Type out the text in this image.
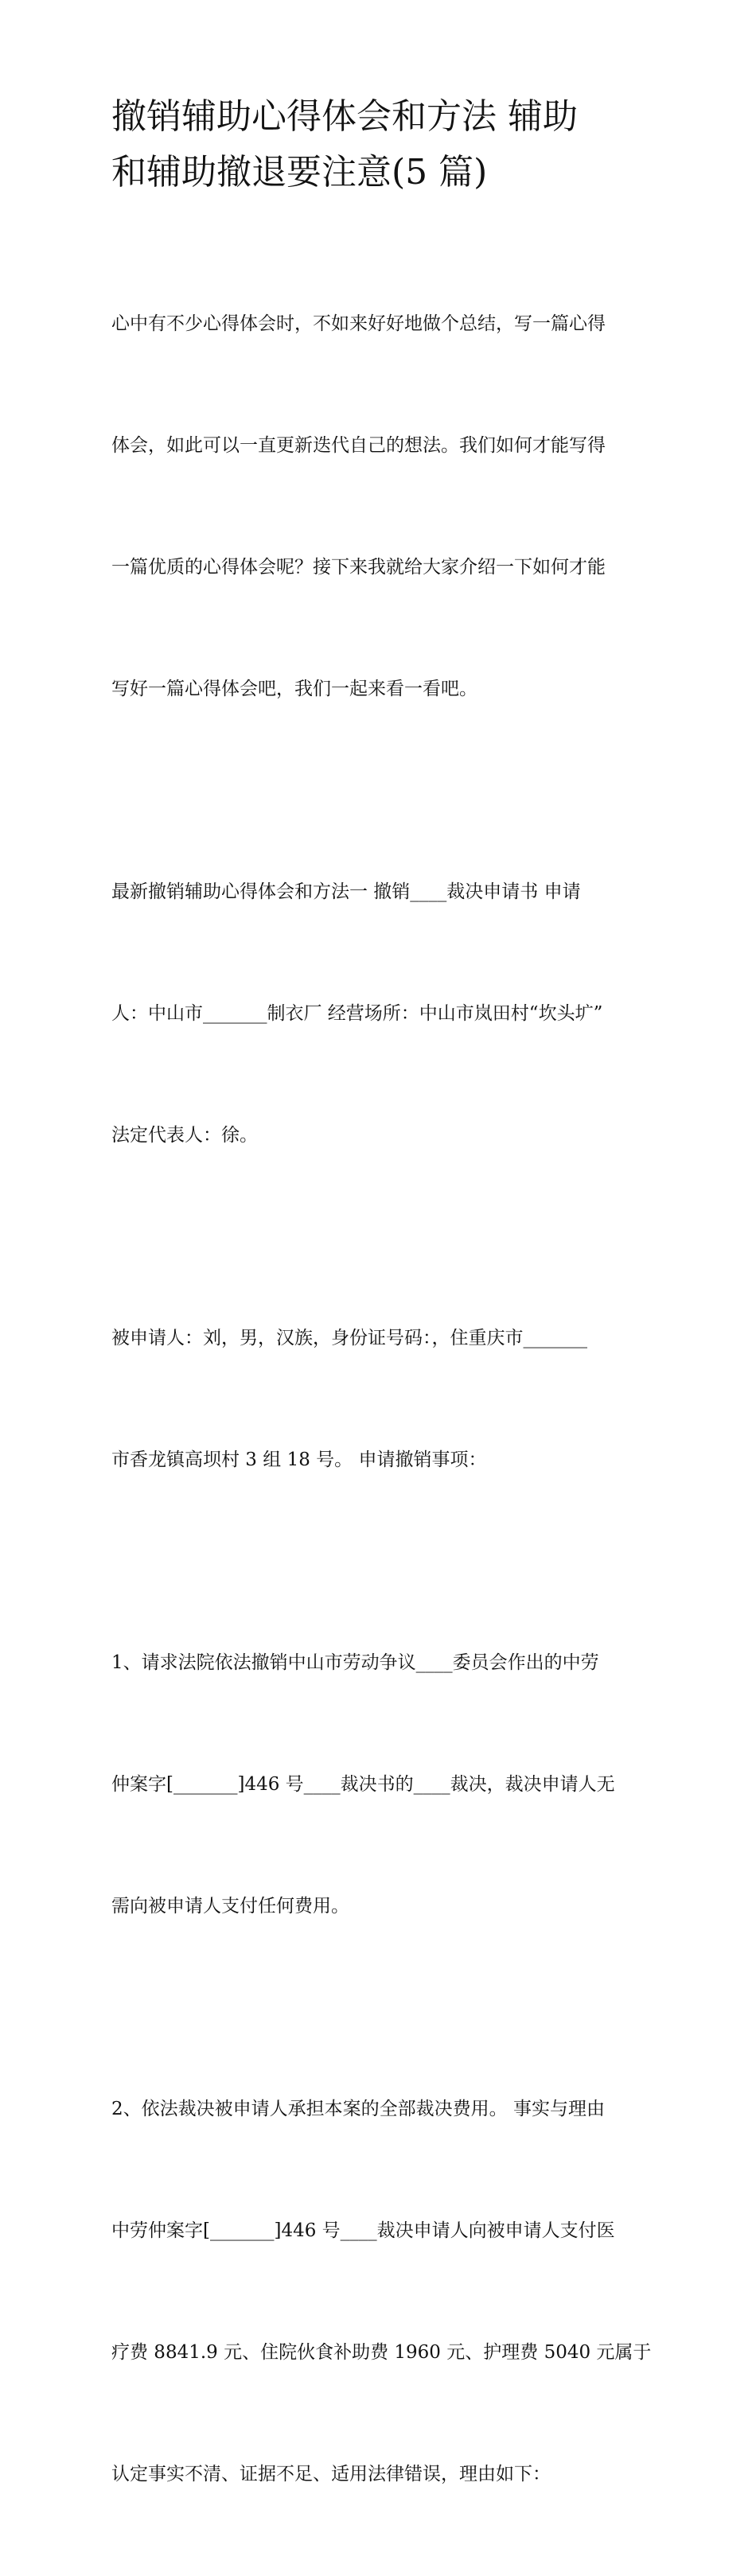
撤销辅助心得体会和方法 辅助
和辅助撤退要注意(5 篇)

心中有不少心得体会时，不如来好好地做个总结，写一篇心得

体会，如此可以一直更新迭代自己的想法。我们如何才能写得

一篇优质的心得体会呢？接下来我就给大家介绍一下如何才能

写好一篇心得体会吧，我们一起来看一看吧。

最新撤销辅助心得体会和方法一 撤销____裁决申请书 申请

人：中山市_______制衣厂 经营场所：中山市岚田村“坎头圹”

法定代表人：徐。

被申请人：刘，男，汉族，身份证号码：，住重庆市_______

市香龙镇高坝村 3 组 18 号。 申请撤销事项：

1、请求法院依法撤销中山市劳动争议____委员会作出的中劳

仲案字[_______]446 号____裁决书的____裁决，裁决申请人无

需向被申请人支付任何费用。

2、依法裁决被申请人承担本案的全部裁决费用。 事实与理由

中劳仲案字[_______]446 号____裁决申请人向被申请人支付医

疗费 8841.9 元、住院伙食补助费 1960 元、护理费 5040 元属于

认定事实不清、证据不足、适用法律错误，理由如下：
